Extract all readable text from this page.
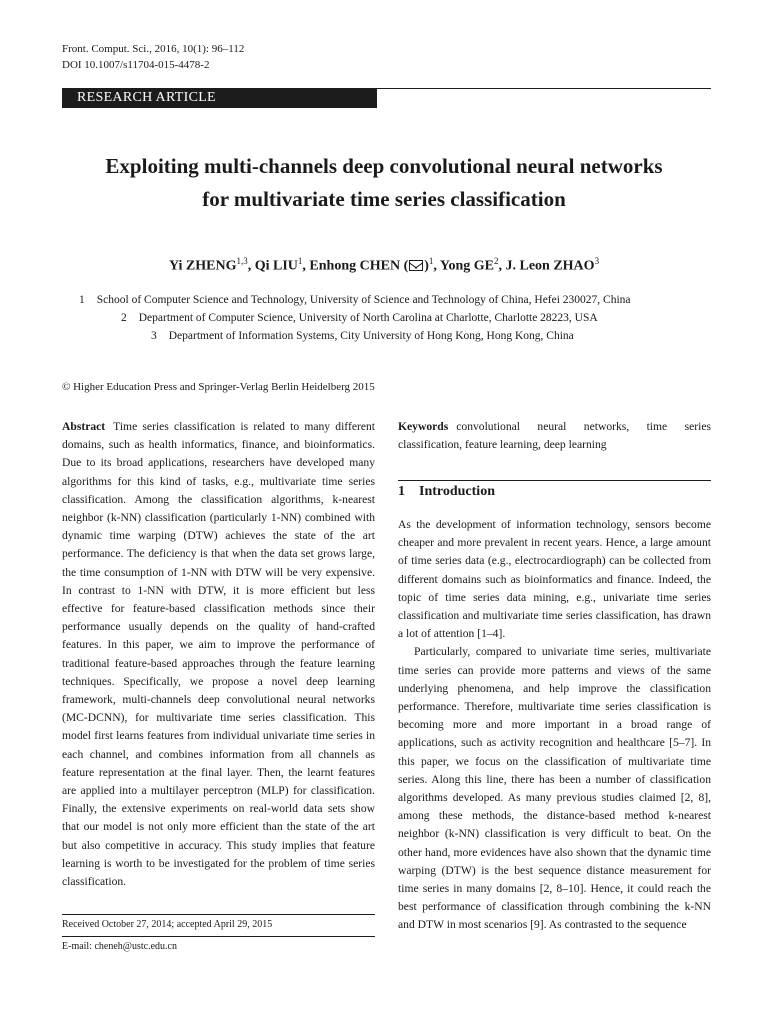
Front. Comput. Sci., 2016, 10(1): 96–112
DOI 10.1007/s11704-015-4478-2
RESEARCH ARTICLE
Exploiting multi-channels deep convolutional neural networks
for multivariate time series classification
Yi ZHENG$^{1,3}$, Qi LIU$^1$, Enhong CHEN ( )$^1$, Yong $GE^2$, J. Leon ZHAO$^3$
1 School of Computer Science and Technology, University of Science and Technology of China, Hefei 230027, China
2 Department of Computer Science, University of North Carolina at Charlotte, Charlotte 28223, USA
3 Department of Information Systems, City University of Hong Kong, Hong Kong, China
© Higher Education Press and Springer-Verlag Berlin Heidelberg 2015
Abstract Time series classification is related to many different domains, such as health informatics, finance, and bioinformatics. Due to its broad applications, researchers have developed many algorithms for this kind of tasks, e.g., multivariate time series classification. Among the classification algorithms, k-nearest neighbor (k-NN) classification (particularly 1-NN) combined with dynamic time warping (DTW) achieves the state of the art performance. The deficiency is that when the data set grows large, the time consumption of 1-NN with DTW will be very expensive. In contrast to 1-NN with DTW, it is more efficient but less effective for feature-based classification methods since their performance usually depends on the quality of hand-crafted features. In this paper, we aim to improve the performance of traditional feature-based approaches through the feature learning techniques. Specifically, we propose a novel deep learning framework, multi-channels deep convolutional neural networks (MC-DCNN), for multivariate time series classification. This model first learns features from individual univariate time series in each channel, and combines information from all channels as feature representation at the final layer. Then, the learnt features are applied into a multilayer perceptron (MLP) for classification. Finally, the extensive experiments on real-world data sets show that our model is not only more efficient than the state of the art but also competitive in accuracy. This study implies that feature learning is worth to be investigated for the problem of time series classification.
Keywords convolutional neural networks, time series classification, feature learning, deep learning
1 Introduction

As the development of information technology, sensors become cheaper and more prevalent in recent years. Hence, a large amount of time series data (e.g., electrocardiograph) can be collected from different domains such as bioinformatics and finance. Indeed, the topic of time series data mining, e.g., univariate time series classification and multivariate time series classification, has drawn a lot of attention [1–4].

Particularly, compared to univariate time series, multivariate time series can provide more patterns and views of the same underlying phenomena, and help improve the classification performance. Therefore, multivariate time series classification is becoming more and more important in a broad range of applications, such as activity recognition and healthcare [5–7]. In this paper, we focus on the classification of multivariate time series. Along this line, there has been a number of classification algorithms developed. As many previous studies claimed [2, 8], among these methods, the distance-based method k-nearest neighbor (k-NN) classification is very difficult to beat. On the other hand, more evidences have also shown that the dynamic time warping (DTW) is the best sequence distance measurement for time series in many domains [2, 8–10]. Hence, it could reach the best performance of classification through combining the k-NN and DTW in most scenarios [9]. As contrasted to the sequence

Received October 27, 2014; accepted April 29, 2015
E-mail: cheneh@ustc.edu.cn
